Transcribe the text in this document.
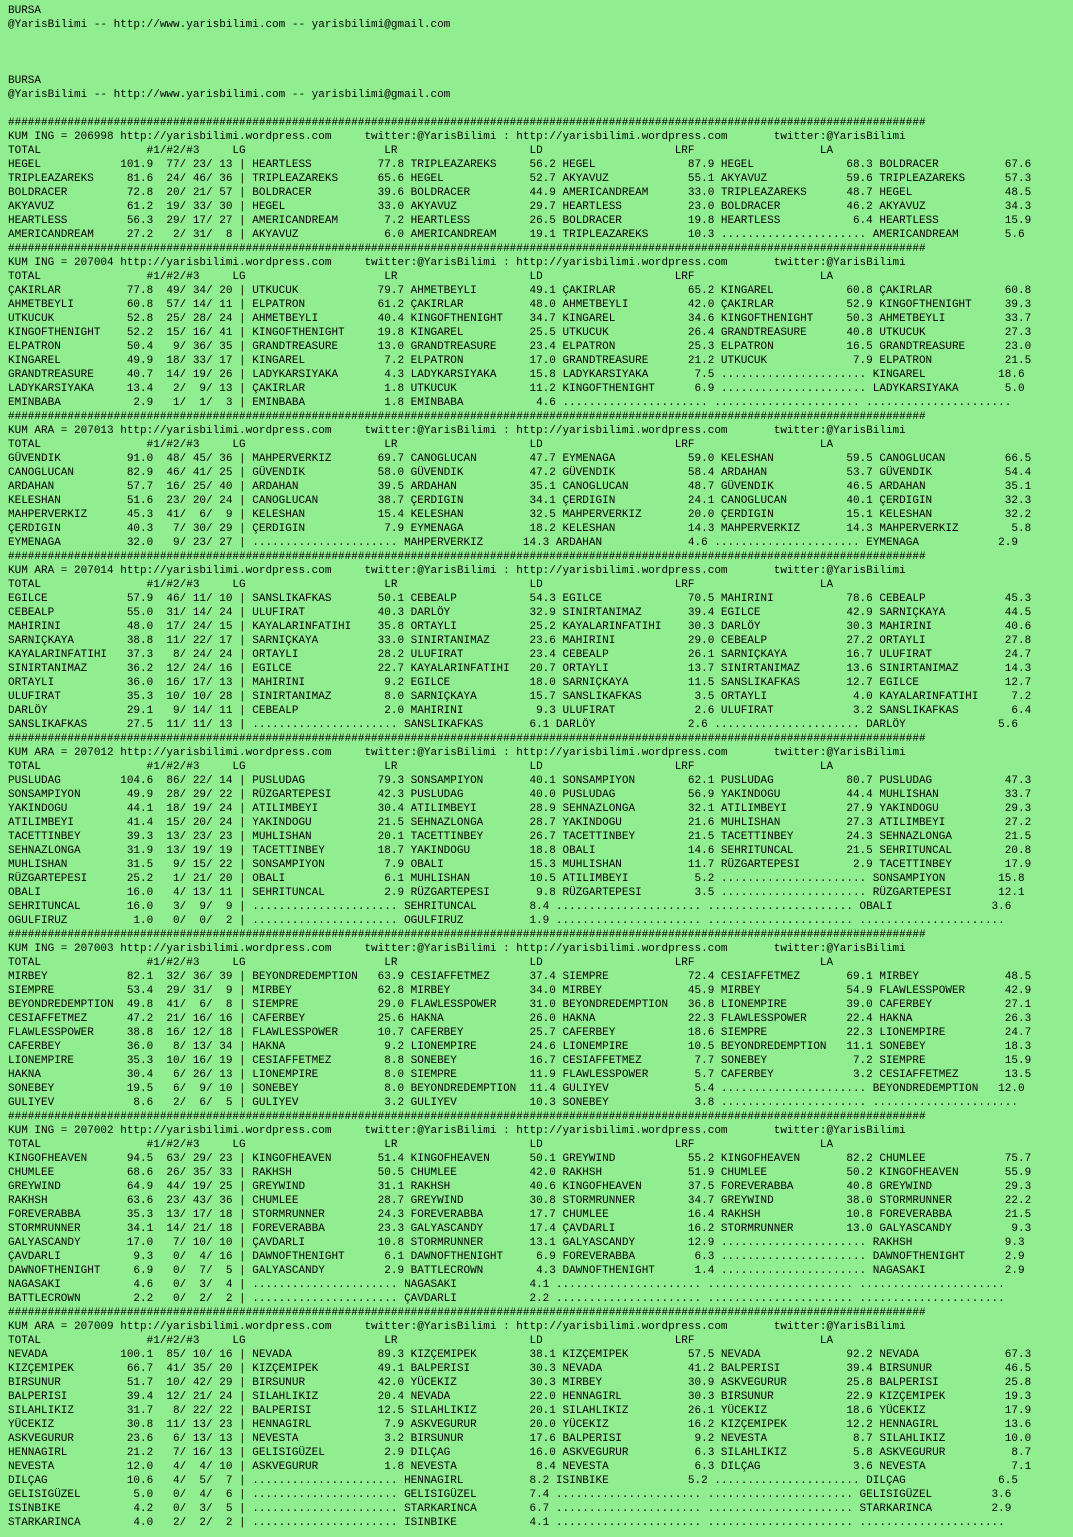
BURSA
@YarisBilimi -- http://www.yarisbilimi.com -- yarisbilimi@gmail.com

BURSA
@YarisBilimi -- http://www.yarisbilimi.com -- yarisbilimi@gmail.com

###########################################################################################################################################
KUM ING = 206998 http://yarisbilimi.wordpress.com     twitter:@YarisBilimi : http://yarisbilimi.wordpress.com       twitter:@YarisBilimi
TOTAL                #1/#2/#3     LG                     LR                    LD                    LRF                   LA
HEGEL            101.9  77/ 23/ 13 | HEARTLESS          77.8 TRIPLEAZAREKS     56.2 HEGEL              87.9 HEGEL              68.3 BOLDRACER          67.6
TRIPLEAZAREKS     81.6  24/ 46/ 36 | TRIPLEAZAREKS      65.6 HEGEL             52.7 AKYAVUZ            55.1 AKYAVUZ            59.6 TRIPLEAZAREKS      57.3
BOLDRACER         72.8  20/ 21/ 57 | BOLDRACER          39.6 BOLDRACER         44.9 AMERICANDREAM      33.0 TRIPLEAZAREKS      48.7 HEGEL              48.5
AKYAVUZ           61.2  19/ 33/ 30 | HEGEL              33.0 AKYAVUZ           29.7 HEARTLESS          23.0 BOLDRACER          46.2 AKYAVUZ            34.3
HEARTLESS         56.3  29/ 17/ 27 | AMERICANDREAM       7.2 HEARTLESS         26.5 BOLDRACER          19.8 HEARTLESS           6.4 HEARTLESS          15.9
AMERICANDREAM     27.2   2/ 31/  8 | AKYAVUZ             6.0 AMERICANDREAM     19.1 TRIPLEAZAREKS      10.3 ...................... AMERICANDREAM       5.6
###########################################################################################################################################
KUM ING = 207004 http://yarisbilimi.wordpress.com     twitter:@YarisBilimi : http://yarisbilimi.wordpress.com       twitter:@YarisBilimi
TOTAL                #1/#2/#3     LG                     LR                    LD                    LRF                   LA
ÇAKIRLAR          77.8  49/ 34/ 20 | UTKUCUK            79.7 AHMETBEYLI        49.1 ÇAKIRLAR           65.2 KINGAREL           60.8 ÇAKIRLAR           60.8
AHMETBEYLI        60.8  57/ 14/ 11 | ELPATRON           61.2 ÇAKIRLAR          48.0 AHMETBEYLI         42.0 ÇAKIRLAR           52.9 KINGOFTHENIGHT     39.3
UTKUCUK           52.8  25/ 28/ 24 | AHMETBEYLI         40.4 KINGOFTHENIGHT    34.7 KINGAREL           34.6 KINGOFTHENIGHT     50.3 AHMETBEYLI         33.7
KINGOFTHENIGHT    52.2  15/ 16/ 41 | KINGOFTHENIGHT     19.8 KINGAREL          25.5 UTKUCUK            26.4 GRANDTREASURE      40.8 UTKUCUK            27.3
ELPATRON          50.4   9/ 36/ 35 | GRANDTREASURE      13.0 GRANDTREASURE     23.4 ELPATRON           25.3 ELPATRON           16.5 GRANDTREASURE      23.0
KINGAREL          49.9  18/ 33/ 17 | KINGAREL            7.2 ELPATRON          17.0 GRANDTREASURE      21.2 UTKUCUK             7.9 ELPATRON           21.5
GRANDTREASURE     40.7  14/ 19/ 26 | LADYKARSIYAKA       4.3 LADYKARSIYAKA     15.8 LADYKARSIYAKA       7.5 ...................... KINGAREL           18.6
LADYKARSIYAKA     13.4   2/  9/ 13 | ÇAKIRLAR            1.8 UTKUCUK           11.2 KINGOFTHENIGHT      6.9 ...................... LADYKARSIYAKA       5.0
EMINBABA           2.9   1/  1/  3 | EMINBABA            1.8 EMINBABA           4.6 ...................... ...................... ......................
###########################################################################################################################################
KUM ARA = 207013 http://yarisbilimi.wordpress.com     twitter:@YarisBilimi : http://yarisbilimi.wordpress.com       twitter:@YarisBilimi
TOTAL                #1/#2/#3     LG                     LR                    LD                    LRF                   LA
GÜVENDIK          91.0  48/ 45/ 36 | MAHPERVERKIZ       69.7 CANOGLUCAN        47.7 EYMENAGA           59.0 KELESHAN           59.5 CANOGLUCAN         66.5
CANOGLUCAN        82.9  46/ 41/ 25 | GÜVENDIK           58.0 GÜVENDIK          47.2 GÜVENDIK           58.4 ARDAHAN            53.7 GÜVENDIK           54.4
ARDAHAN           57.7  16/ 25/ 40 | ARDAHAN            39.5 ARDAHAN           35.1 CANOGLUCAN         48.7 GÜVENDIK           46.5 ARDAHAN            35.1
KELESHAN          51.6  23/ 20/ 24 | CANOGLUCAN         38.7 ÇERDIGIN          34.1 ÇERDIGIN           24.1 CANOGLUCAN         40.1 ÇERDIGIN           32.3
MAHPERVERKIZ      45.3  41/  6/  9 | KELESHAN           15.4 KELESHAN          32.5 MAHPERVERKIZ       20.0 ÇERDIGIN           15.1 KELESHAN           32.2
ÇERDIGIN          40.3   7/ 30/ 29 | ÇERDIGIN            7.9 EYMENAGA          18.2 KELESHAN           14.3 MAHPERVERKIZ       14.3 MAHPERVERKIZ        5.8
EYMENAGA          32.0   9/ 23/ 27 | ...................... MAHPERVERKIZ      14.3 ARDAHAN             4.6 ...................... EYMENAGA            2.9
###########################################################################################################################################
KUM ARA = 207014 http://yarisbilimi.wordpress.com     twitter:@YarisBilimi : http://yarisbilimi.wordpress.com       twitter:@YarisBilimi
TOTAL                #1/#2/#3     LG                     LR                    LD                    LRF                   LA
EGILCE            57.9  46/ 11/ 10 | SANSLIKAFKAS       50.1 CEBEALP           54.3 EGILCE             70.5 MAHIRINI           78.6 CEBEALP            45.3
CEBEALP           55.0  31/ 14/ 24 | ULUFIRAT           40.3 DARLÖY            32.9 SINIRTANIMAZ       39.4 EGILCE             42.9 SARNIÇKAYA         44.5
MAHIRINI          48.0  17/ 24/ 15 | KAYALARINFATIHI    35.8 ORTAYLI           25.2 KAYALARINFATIHI    30.3 DARLÖY             30.3 MAHIRINI           40.6
SARNIÇKAYA        38.8  11/ 22/ 17 | SARNIÇKAYA         33.0 SINIRTANIMAZ      23.6 MAHIRINI           29.0 CEBEALP            27.2 ORTAYLI            27.8
KAYALARINFATIHI   37.3   8/ 24/ 24 | ORTAYLI            28.2 ULUFIRAT          23.4 CEBEALP            26.1 SARNIÇKAYA         16.7 ULUFIRAT           24.7
SINIRTANIMAZ      36.2  12/ 24/ 16 | EGILCE             22.7 KAYALARINFATIHI   20.7 ORTAYLI            13.7 SINIRTANIMAZ       13.6 SINIRTANIMAZ       14.3
ORTAYLI           36.0  16/ 17/ 13 | MAHIRINI            9.2 EGILCE            18.0 SARNIÇKAYA         11.5 SANSLIKAFKAS       12.7 EGILCE             12.7
ULUFIRAT          35.3  10/ 10/ 28 | SINIRTANIMAZ        8.0 SARNIÇKAYA        15.7 SANSLIKAFKAS        3.5 ORTAYLI             4.0 KAYALARINFATIHI     7.2
DARLÖY            29.1   9/ 14/ 11 | CEBEALP             2.0 MAHIRINI           9.3 ULUFIRAT            2.6 ULUFIRAT            3.2 SANSLIKAFKAS        6.4
SANSLIKAFKAS      27.5  11/ 11/ 13 | ...................... SANSLIKAFKAS       6.1 DARLÖY              2.6 ...................... DARLÖY              5.6
###########################################################################################################################################
KUM ARA = 207012 http://yarisbilimi.wordpress.com     twitter:@YarisBilimi : http://yarisbilimi.wordpress.com       twitter:@YarisBilimi
TOTAL                #1/#2/#3     LG                     LR                    LD                    LRF                   LA
PUSLUDAG         104.6  86/ 22/ 14 | PUSLUDAG           79.3 SONSAMPIYON       40.1 SONSAMPIYON        62.1 PUSLUDAG           80.7 PUSLUDAG           47.3
SONSAMPIYON       49.9  28/ 29/ 22 | RÜZGARTEPESI       42.3 PUSLUDAG          40.0 PUSLUDAG           56.9 YAKINDOGU          44.4 MUHLISHAN          33.7
YAKINDOGU         44.1  18/ 19/ 24 | ATILIMBEYI         30.4 ATILIMBEYI        28.9 SEHNAZLONGA        32.1 ATILIMBEYI         27.9 YAKINDOGU          29.3
ATILIMBEYI        41.4  15/ 20/ 24 | YAKINDOGU          21.5 SEHNAZLONGA       28.7 YAKINDOGU          21.6 MUHLISHAN          27.3 ATILIMBEYI         27.2
TACETTINBEY       39.3  13/ 23/ 23 | MUHLISHAN          20.1 TACETTINBEY       26.7 TACETTINBEY        21.5 TACETTINBEY        24.3 SEHNAZLONGA        21.5
SEHNAZLONGA       31.9  13/ 19/ 19 | TACETTINBEY        18.7 YAKINDOGU         18.8 OBALI              14.6 SEHRITUNCAL        21.5 SEHRITUNCAL        20.8
MUHLISHAN         31.5   9/ 15/ 22 | SONSAMPIYON         7.9 OBALI             15.3 MUHLISHAN          11.7 RÜZGARTEPESI        2.9 TACETTINBEY        17.9
RÜZGARTEPESI      25.2   1/ 21/ 20 | OBALI               6.1 MUHLISHAN         10.5 ATILIMBEYI          5.2 ...................... SONSAMPIYON        15.8
OBALI             16.0   4/ 13/ 11 | SEHRITUNCAL         2.9 RÜZGARTEPESI       9.8 RÜZGARTEPESI        3.5 ...................... RÜZGARTEPESI       12.1
SEHRITUNCAL       16.0   3/  9/  9 | ...................... SEHRITUNCAL        8.4 ...................... ...................... OBALI               3.6
OGULFIRUZ          1.0   0/  0/  2 | ...................... OGULFIRUZ          1.9 ...................... ...................... ......................
###########################################################################################################################################
KUM ING = 207003 http://yarisbilimi.wordpress.com     twitter:@YarisBilimi : http://yarisbilimi.wordpress.com       twitter:@YarisBilimi
TOTAL                #1/#2/#3     LG                     LR                    LD                    LRF                   LA
MIRBEY            82.1  32/ 36/ 39 | BEYONDREDEMPTION   63.9 CESIAFFETMEZ      37.4 SIEMPRE            72.4 CESIAFFETMEZ       69.1 MIRBEY             48.5
SIEMPRE           53.4  29/ 31/  9 | MIRBEY             62.8 MIRBEY            34.0 MIRBEY             45.9 MIRBEY             54.9 FLAWLESSPOWER      42.9
BEYONDREDEMPTION  49.8  41/  6/  8 | SIEMPRE            29.0 FLAWLESSPOWER     31.0 BEYONDREDEMPTION   36.8 LIONEMPIRE         39.0 CAFERBEY           27.1
CESIAFFETMEZ      47.2  21/ 16/ 16 | CAFERBEY           25.6 HAKNA             26.0 HAKNA              22.3 FLAWLESSPOWER      22.4 HAKNA              26.3
FLAWLESSPOWER     38.8  16/ 12/ 18 | FLAWLESSPOWER      10.7 CAFERBEY          25.7 CAFERBEY           18.6 SIEMPRE            22.3 LIONEMPIRE         24.7
CAFERBEY          36.0   8/ 13/ 34 | HAKNA               9.2 LIONEMPIRE        24.6 LIONEMPIRE         10.5 BEYONDREDEMPTION   11.1 SONEBEY            18.3
LIONEMPIRE        35.3  10/ 16/ 19 | CESIAFFETMEZ        8.8 SONEBEY           16.7 CESIAFFETMEZ        7.7 SONEBEY             7.2 SIEMPRE            15.9
HAKNA             30.4   6/ 26/ 13 | LIONEMPIRE          8.0 SIEMPRE           11.9 FLAWLESSPOWER       5.7 CAFERBEY            3.2 CESIAFFETMEZ       13.5
SONEBEY           19.5   6/  9/ 10 | SONEBEY             8.0 BEYONDREDEMPTION  11.4 GULIYEV             5.4 ...................... BEYONDREDEMPTION   12.0
GULIYEV            8.6   2/  6/  5 | GULIYEV             3.2 GULIYEV           10.3 SONEBEY             3.8 ...................... ......................
###########################################################################################################################################
KUM ING = 207002 http://yarisbilimi.wordpress.com     twitter:@YarisBilimi : http://yarisbilimi.wordpress.com       twitter:@YarisBilimi
TOTAL                #1/#2/#3     LG                     LR                    LD                    LRF                   LA
KINGOFHEAVEN      94.5  63/ 29/ 23 | KINGOFHEAVEN       51.4 KINGOFHEAVEN      50.1 GREYWIND           55.2 KINGOFHEAVEN       82.2 CHUMLEE            75.7
CHUMLEE           68.6  26/ 35/ 33 | RAKHSH             50.5 CHUMLEE           42.0 RAKHSH             51.9 CHUMLEE            50.2 KINGOFHEAVEN       55.9
GREYWIND          64.9  44/ 19/ 25 | GREYWIND           31.1 RAKHSH            40.6 KINGOFHEAVEN       37.5 FOREVERABBA        40.8 GREYWIND           29.3
RAKHSH            63.6  23/ 43/ 36 | CHUMLEE            28.7 GREYWIND          30.8 STORMRUNNER        34.7 GREYWIND           38.0 STORMRUNNER        22.2
FOREVERABBA       35.3  13/ 17/ 18 | STORMRUNNER        24.3 FOREVERABBA       17.7 CHUMLEE            16.4 RAKHSH             10.8 FOREVERABBA        21.5
STORMRUNNER       34.1  14/ 21/ 18 | FOREVERABBA        23.3 GALYASCANDY       17.4 ÇAVDARLI           16.2 STORMRUNNER        13.0 GALYASCANDY         9.3
GALYASCANDY       17.0   7/ 10/ 10 | ÇAVDARLI           10.8 STORMRUNNER       13.1 GALYASCANDY        12.9 ...................... RAKHSH              9.3
ÇAVDARLI           9.3   0/  4/ 16 | DAWNOFTHENIGHT      6.1 DAWNOFTHENIGHT     6.9 FOREVERABBA         6.3 ...................... DAWNOFTHENIGHT      2.9
DAWNOFTHENIGHT     6.9   0/  7/  5 | GALYASCANDY         2.9 BATTLECROWN        4.3 DAWNOFTHENIGHT      1.4 ...................... NAGASAKI            2.9
NAGASAKI           4.6   0/  3/  4 | ...................... NAGASAKI           4.1 ...................... ...................... ......................
BATTLECROWN        2.2   0/  2/  2 | ...................... ÇAVDARLI           2.2 ...................... ...................... ......................
###########################################################################################################################################
KUM ARA = 207009 http://yarisbilimi.wordpress.com     twitter:@YarisBilimi : http://yarisbilimi.wordpress.com       twitter:@YarisBilimi
TOTAL                #1/#2/#3     LG                     LR                    LD                    LRF                   LA
NEVADA           100.1  85/ 10/ 16 | NEVADA             89.3 KIZÇEMIPEK        38.1 KIZÇEMIPEK         57.5 NEVADA             92.2 NEVADA             67.3
KIZÇEMIPEK        66.7  41/ 35/ 20 | KIZÇEMIPEK         49.1 BALPERISI         30.3 NEVADA             41.2 BALPERISI          39.4 BIRSUNUR           46.5
BIRSUNUR          51.7  10/ 42/ 29 | BIRSUNUR           42.0 YÜCEKIZ           30.3 MIRBEY             30.9 ASKVEGURUR         25.8 BALPERISI          25.8
BALPERISI         39.4  12/ 21/ 24 | SILAHLIKIZ         20.4 NEVADA            22.0 HENNAGIRL          30.3 BIRSUNUR           22.9 KIZÇEMIPEK         19.3
SILAHLIKIZ        31.7   8/ 22/ 22 | BALPERISI          12.5 SILAHLIKIZ        20.1 SILAHLIKIZ         26.1 YÜCEKIZ            18.6 YÜCEKIZ            17.9
YÜCEKIZ           30.8  11/ 13/ 23 | HENNAGIRL           7.9 ASKVEGURUR        20.0 YÜCEKIZ            16.2 KIZÇEMIPEK         12.2 HENNAGIRL          13.6
ASKVEGURUR        23.6   6/ 13/ 13 | NEVESTA             3.2 BIRSUNUR          17.6 BALPERISI           9.2 NEVESTA             8.7 SILAHLIKIZ         10.0
HENNAGIRL         21.2   7/ 16/ 13 | GELISIGÜZEL         2.9 DILÇAG            16.0 ASKVEGURUR          6.3 SILAHLIKIZ          5.8 ASKVEGURUR          8.7
NEVESTA           12.0   4/  4/ 10 | ASKVEGURUR          1.8 NEVESTA            8.4 NEVESTA             6.3 DILÇAG              3.6 NEVESTA             7.1
DILÇAG            10.6   4/  5/  7 | ...................... HENNAGIRL          8.2 ISINBIKE            5.2 ...................... DILÇAG              6.5
GELISIGÜZEL        5.0   0/  4/  6 | ...................... GELISIGÜZEL        7.4 ...................... ...................... GELISIGÜZEL         3.6
ISINBIKE           4.2   0/  3/  5 | ...................... STARKARINCA        6.7 ...................... ...................... STARKARINCA         2.9
STARKARINCA        4.0   2/  2/  2 | ...................... ISINBIKE           4.1 ...................... ...................... ......................
